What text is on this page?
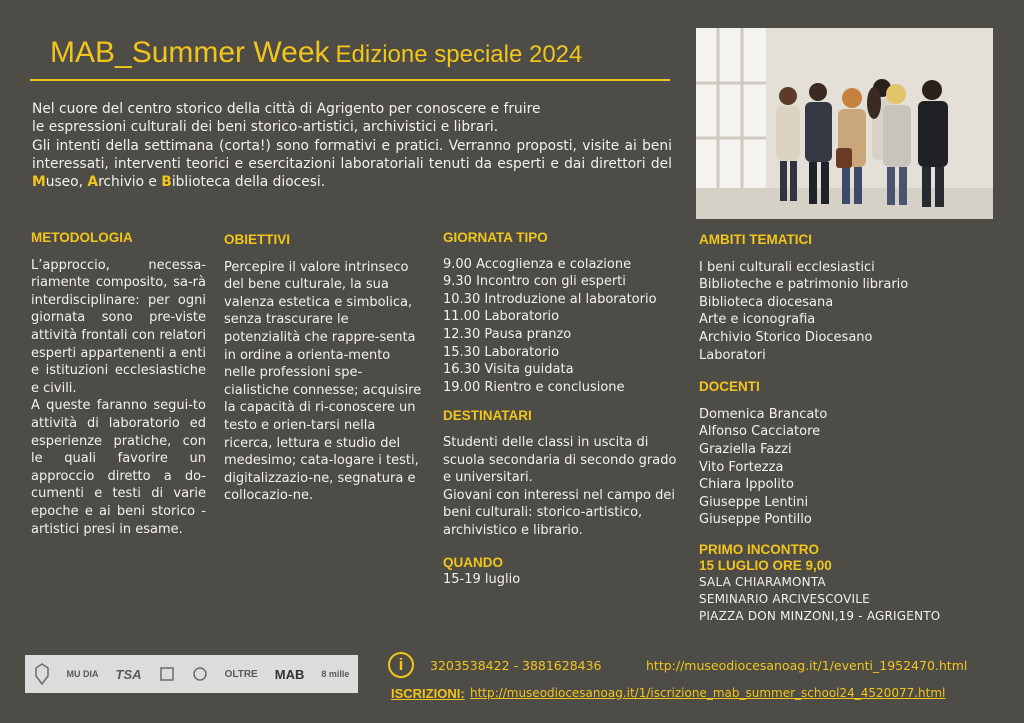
MAB_Summer Week Edizione speciale 2024
Nel cuore del centro storico della città di Agrigento per conoscere e fruire
le espressioni culturali dei beni storico-artistici, archivistici e librari.
Gli intenti della settimana (corta!) sono formativi e pratici. Verranno proposti, visite ai beni interessati, interventi teorici e esercitazioni laboratoriali tenuti da esperti e dai direttori del Museo, Archivio e Biblioteca della diocesi.
METODOLOGIA
L’approccio, necessa-riamente composito, sa-rà interdisciplinare: per ogni giornata sono pre-viste attività frontali con relatori esperti appartenenti a enti e istituzioni ecclesiastiche e civili.
A queste faranno segui-to attività di laboratorio ed esperienze pratiche, con le quali favorire un approccio diretto a do-cumenti e testi di varie epoche e ai beni storico -artistici presi in esame.
OBIETTIVI
Percepire il valore intrinseco del bene culturale, la sua valenza estetica e simbolica, senza trascurare le potenzialità che rappre-senta in ordine a orienta-mento nelle professioni spe-cialistiche connesse; acquisire la capacità di ri-conoscere un testo e orien-tarsi nella ricerca, lettura e studio del medesimo; cata-logare i testi, digitalizzazio-ne, segnatura e collocazio-ne.
GIORNATA TIPO
9.00 Accoglienza e colazione
9.30 Incontro con gli esperti
10.30 Introduzione al laboratorio
11.00 Laboratorio
12.30 Pausa pranzo
15.30 Laboratorio
16.30 Visita guidata
19.00 Rientro e conclusione
DESTINATARI
Studenti delle classi in uscita di scuola secondaria di secondo grado e universitari.
Giovani con interessi nel campo dei beni culturali: storico-artistico, archivistico e librario.
QUANDO
15-19 luglio
AMBITI TEMATICI
I beni culturali ecclesiastici
Biblioteche e patrimonio librario
Biblioteca diocesana
Arte e iconografia
Archivio Storico Diocesano
Laboratori
DOCENTI
Domenica Brancato
Alfonso Cacciatore
Graziella Fazzi
Vito Fortezza
Chiara Ippolito
Giuseppe Lentini
Giuseppe Pontillo
PRIMO INCONTRO
15 LUGLIO ORE 9,00
SALA CHIARAMONTA
SEMINARIO ARCIVESCOVILE
PIAZZA DON MINZONI,19 - AGRIGENTO
MU DIA TSA	OLTRE MAB 8 mille	i	3203538422 - 3881628436	http://museodiocesanoag.it/1/eventi_1952470.html
ISCRIZIONI: http://museodiocesanoag.it/1/iscrizione_mab_summer_school24_4520077.html
